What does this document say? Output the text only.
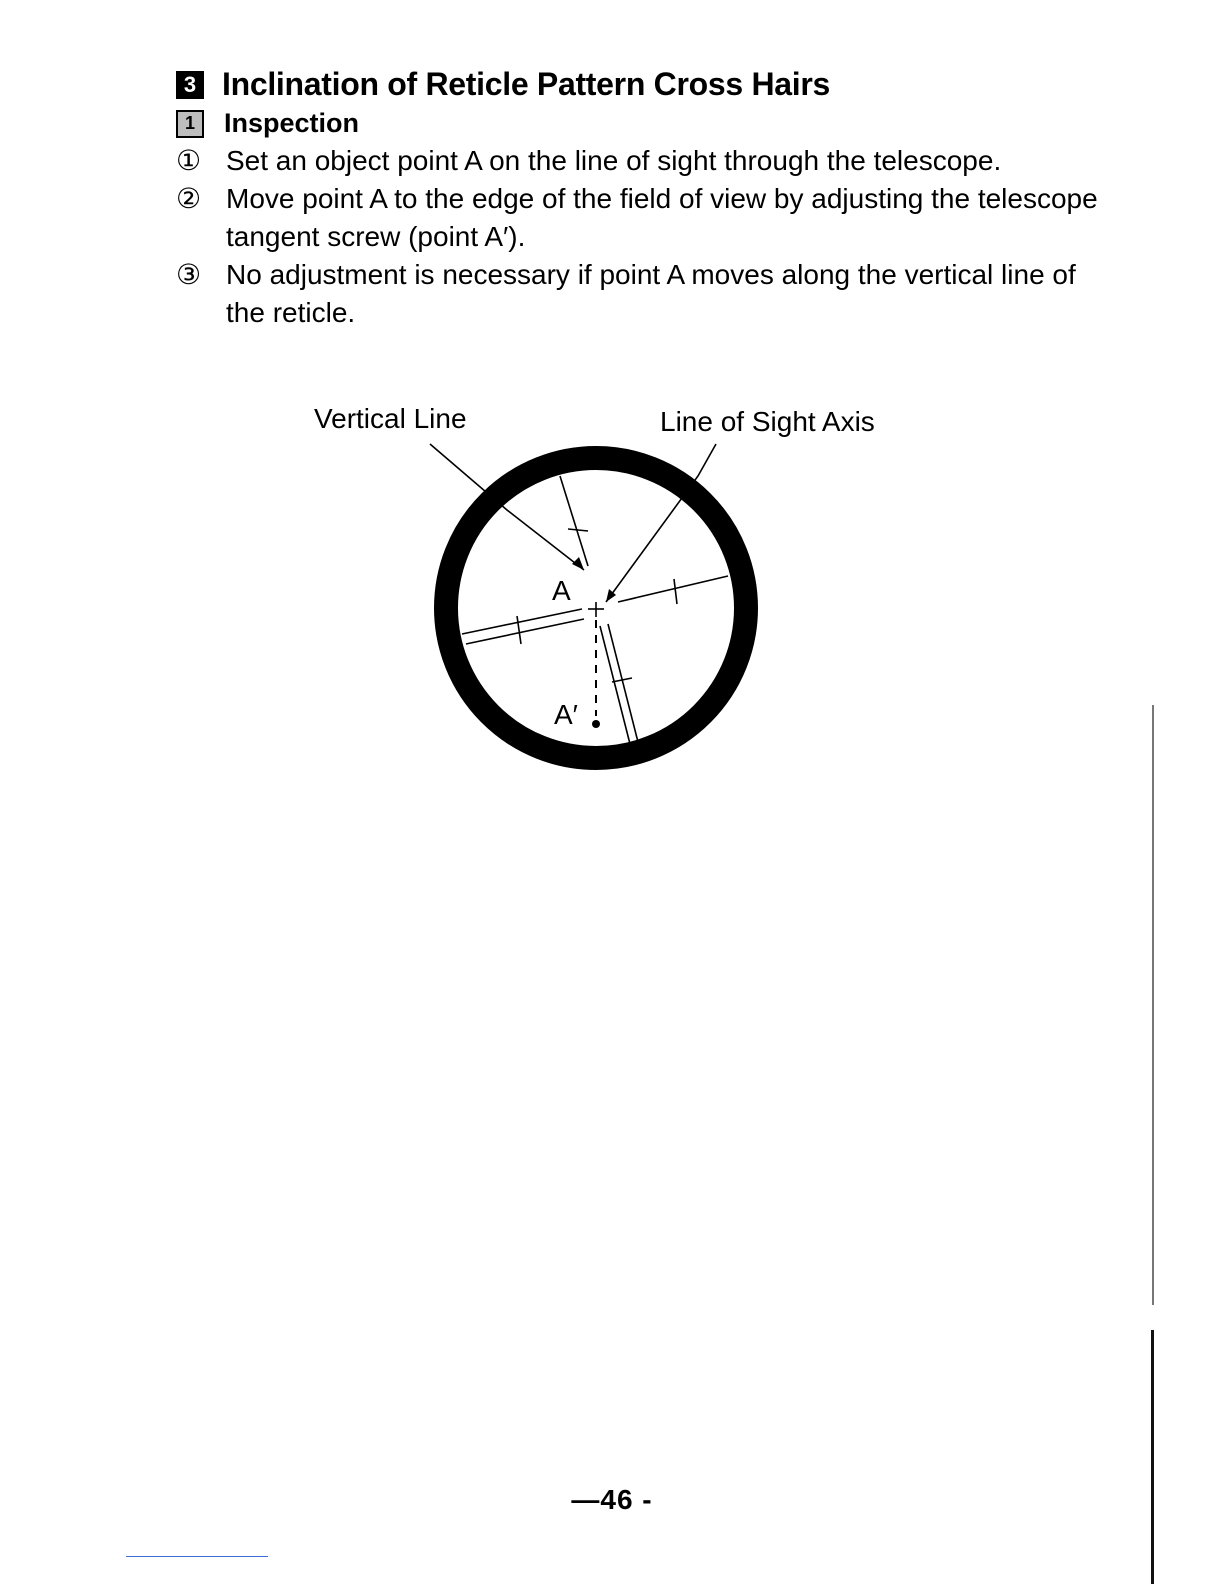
3 Inclination of Reticle Pattern Cross Hairs
1	Inspection
① Set an object point A on the line of sight through the telescope.
② Move point A to the edge of the field of view by adjusting the telescope tangent screw (point A′).
③ No adjustment is necessary if point A moves along the vertical line of the reticle.
Vertical Line	Line of Sight Axis
A
A′
—46 -
